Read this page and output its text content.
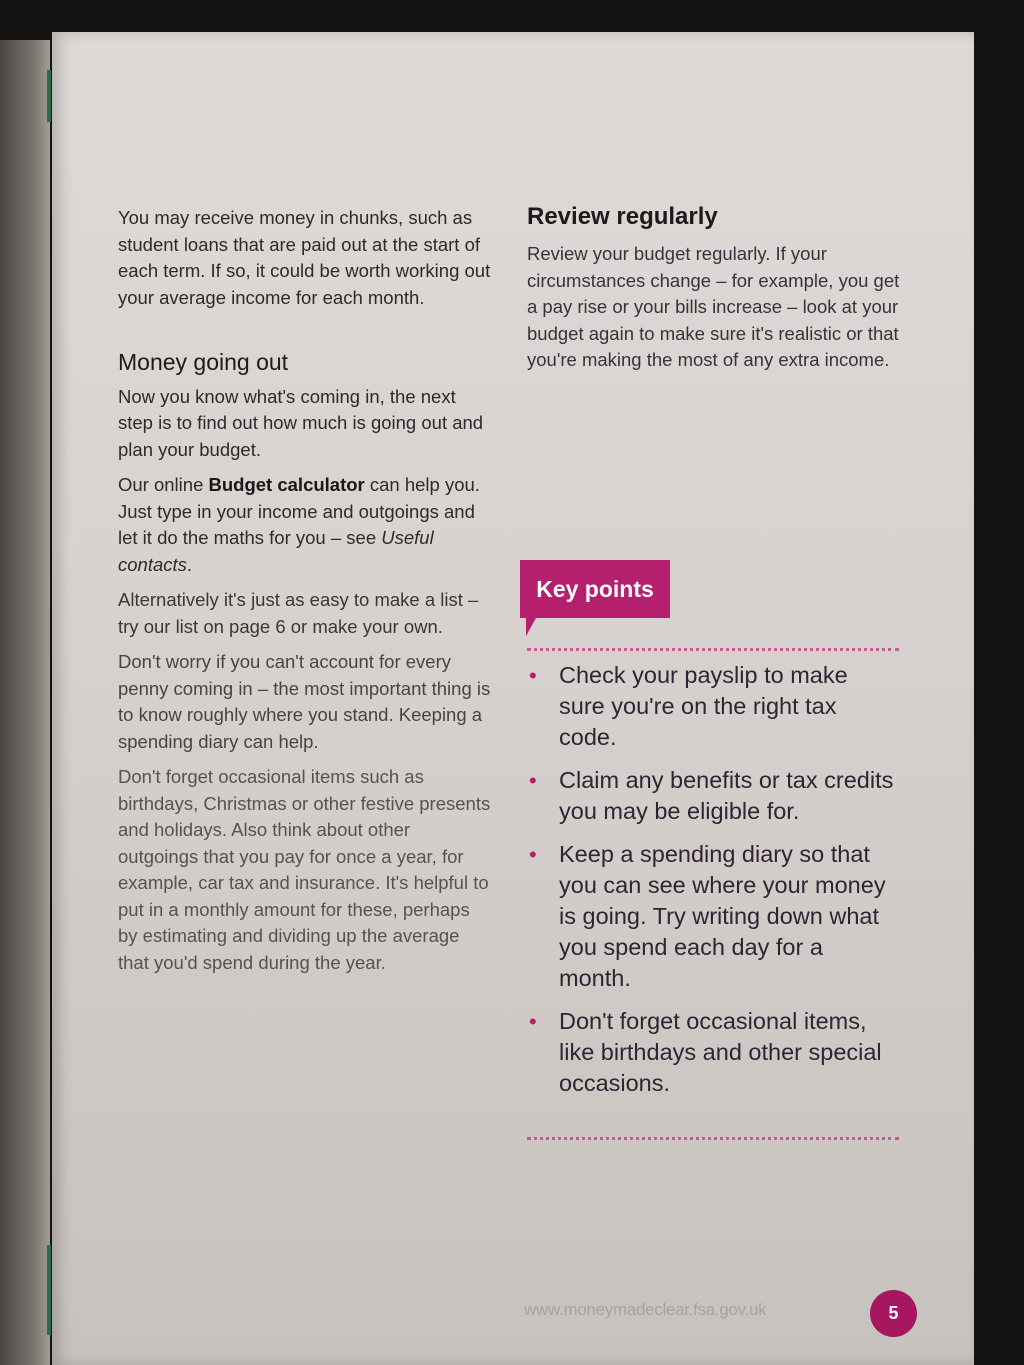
You may receive money in chunks, such as student loans that are paid out at the start of each term. If so, it could be worth working out your average income for each month.

Money going out

Now you know what's coming in, the next step is to find out how much is going out and plan your budget.

Our online Budget calculator can help you. Just type in your income and outgoings and let it do the maths for you – see Useful contacts.

Alternatively it's just as easy to make a list – try our list on page 6 or make your own.

Don't worry if you can't account for every penny coming in – the most important thing is to know roughly where you stand. Keeping a spending diary can help.

Don't forget occasional items such as birthdays, Christmas or other festive presents and holidays. Also think about other outgoings that you pay for once a year, for example, car tax and insurance. It's helpful to put in a monthly amount for these, perhaps by estimating and dividing up the average that you'd spend during the year.

Review regularly

Review your budget regularly. If your circumstances change – for example, you get a pay rise or your bills increase – look at your budget again to make sure it's realistic or that you're making the most of any extra income.

Key points
• Check your payslip to make sure you're on the right tax code.
• Claim any benefits or tax credits you may be eligible for.
• Keep a spending diary so that you can see where your money is going. Try writing down what you spend each day for a month.
• Don't forget occasional items, like birthdays and other special occasions.
www.moneymadeclear.fsa.gov.uk	5
